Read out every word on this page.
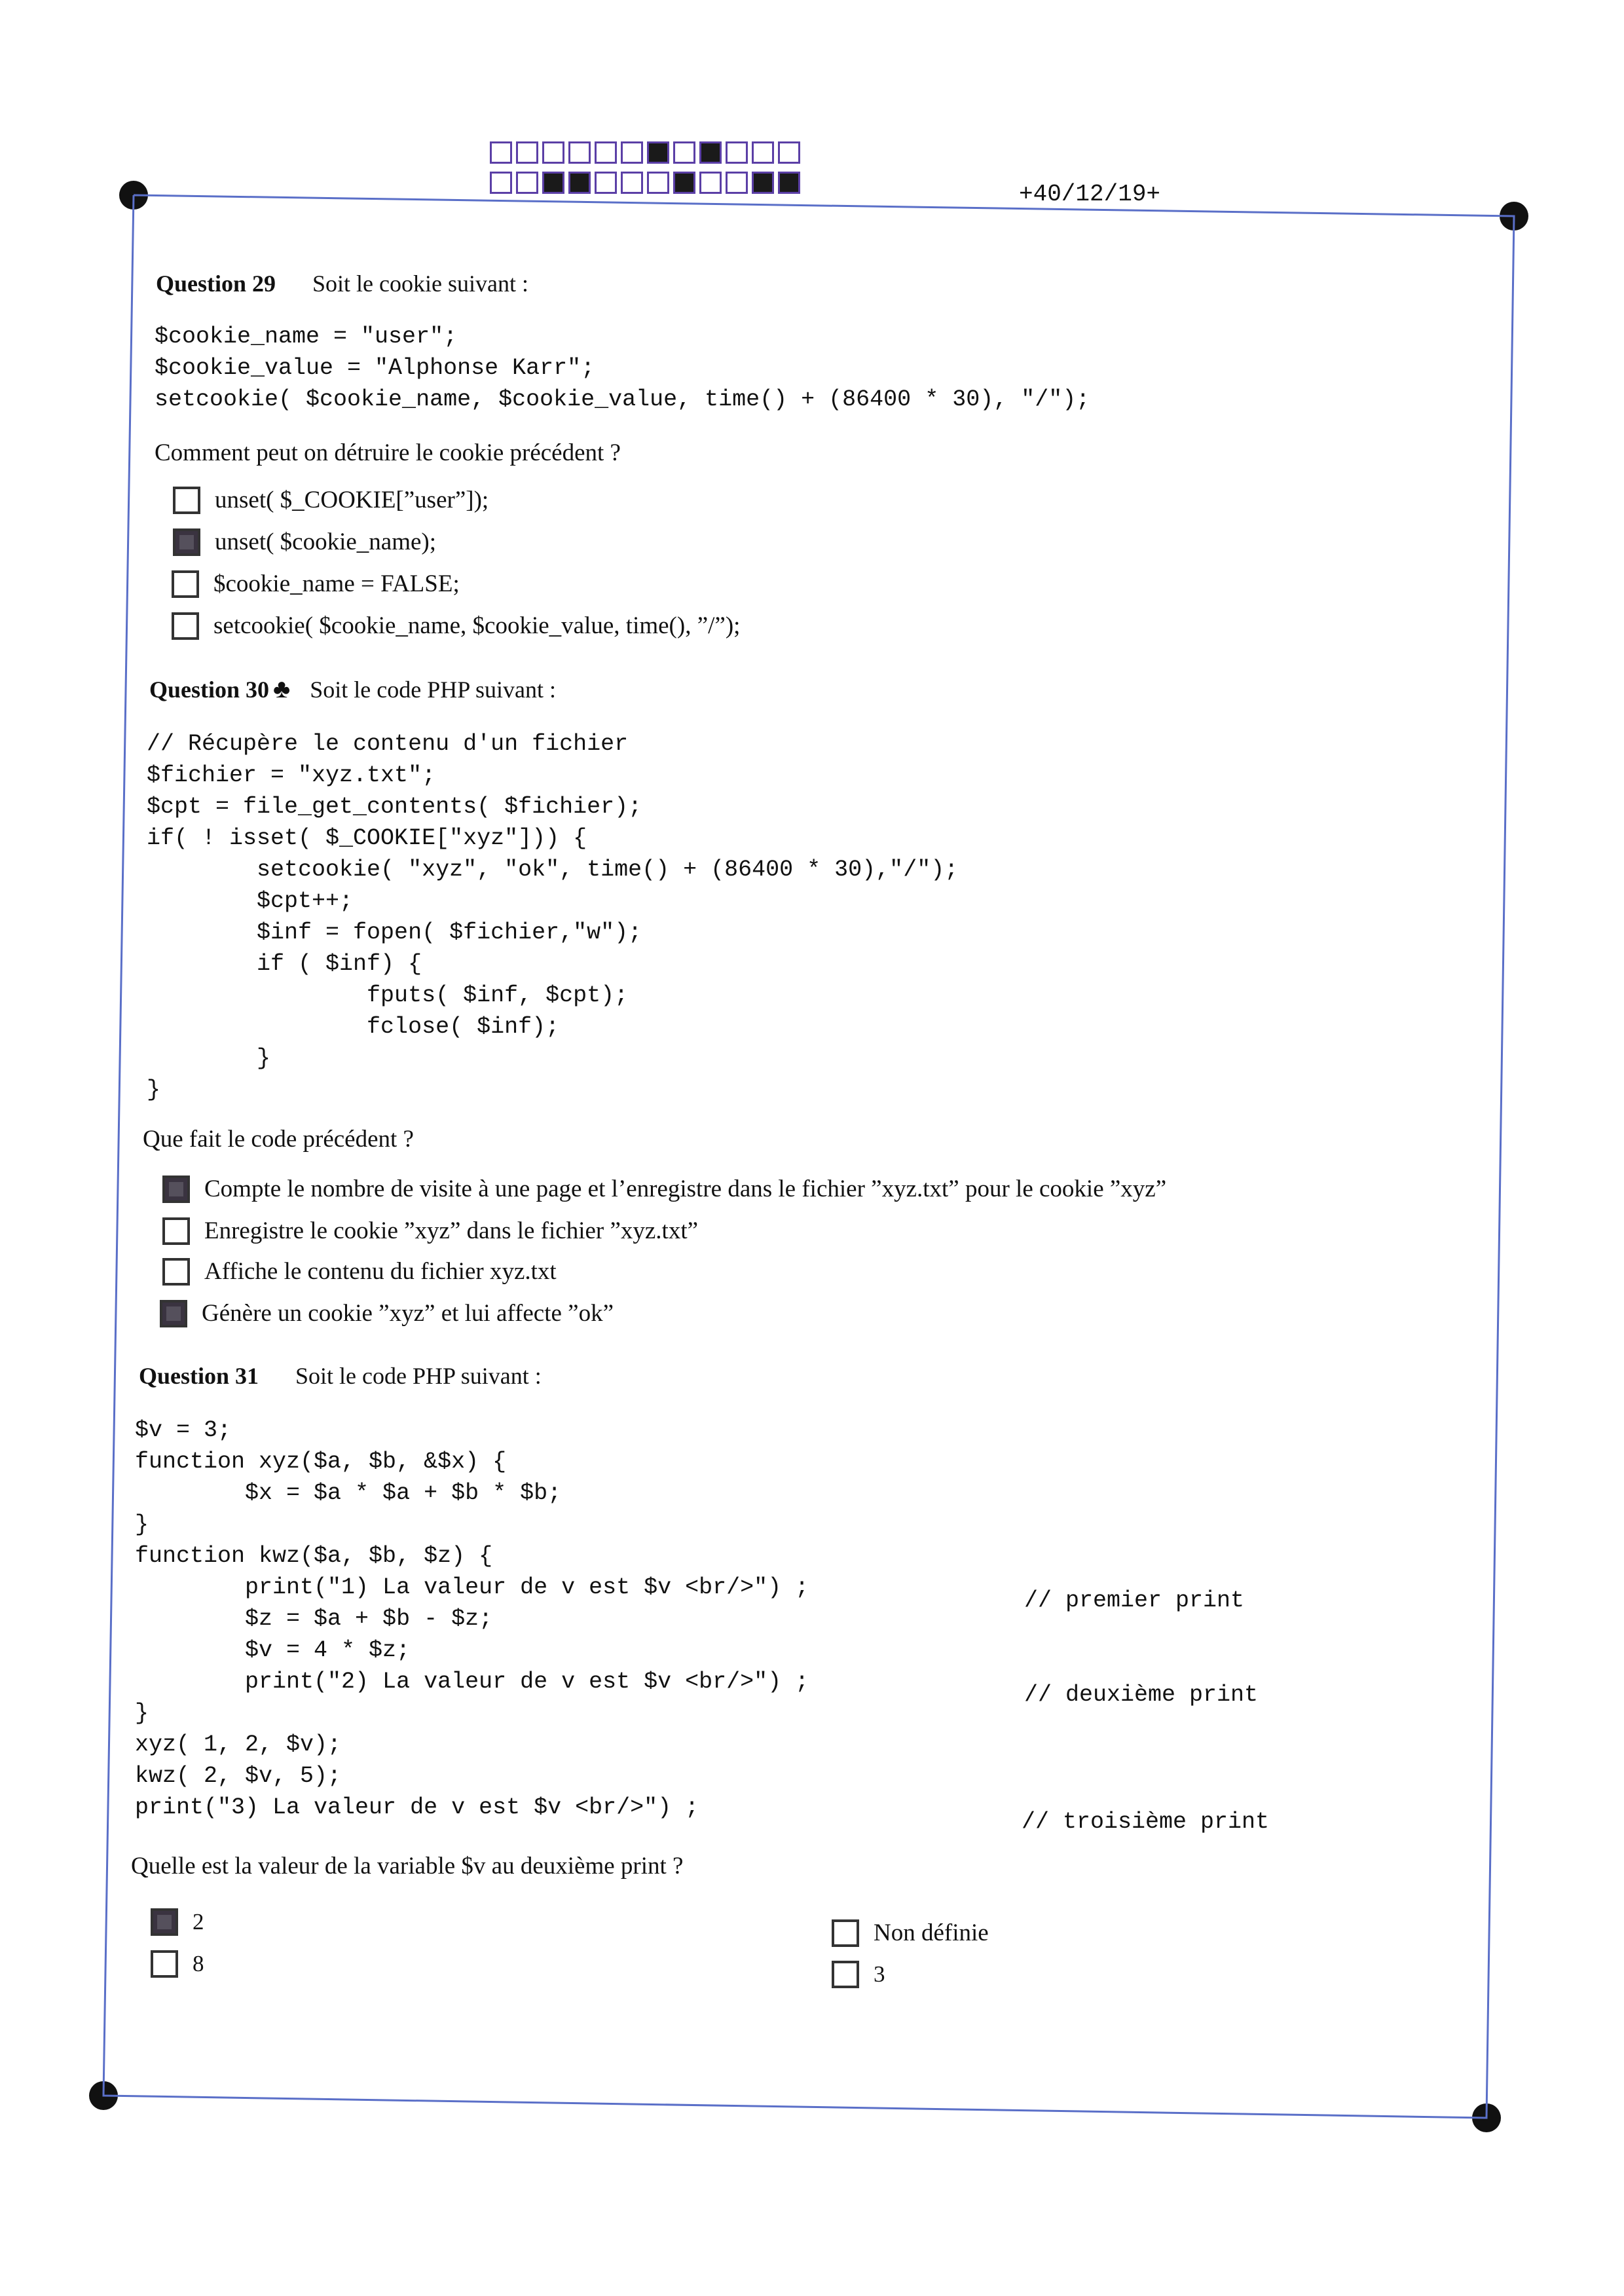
+40/12/19+
Question 29 Soit le cookie suivant :
$cookie_name = "user";
$cookie_value = "Alphonse Karr";
setcookie( $cookie_name, $cookie_value, time() + (86400 * 30), "/");
Comment peut on détruire le cookie précédent ?
unset( $_COOKIE[”user”]);
unset( $cookie_name);
$cookie_name = FALSE;
setcookie( $cookie_name, $cookie_value, time(), ”/”);
Question 30 ♣ Soit le code PHP suivant :
// Récupère le contenu d'un fichier
$fichier = "xyz.txt";
$cpt = file_get_contents( $fichier);
if( ! isset( $_COOKIE["xyz"])) {
setcookie( "xyz", "ok", time() + (86400 * 30),"/");
$cpt++;
$inf = fopen( $fichier,"w");
if ( $inf) {
fputs( $inf, $cpt);
fclose( $inf);
}
}
Que fait le code précédent ?
Compte le nombre de visite à une page et l’enregistre dans le fichier ”xyz.txt” pour le cookie ”xyz”
Enregistre le cookie ”xyz” dans le fichier ”xyz.txt”
Affiche le contenu du fichier xyz.txt
Génère un cookie ”xyz” et lui affecte ”ok”
Question 31 Soit le code PHP suivant :
$v = 3;
function xyz($a, $b, &$x) {
$x = $a * $a + $b * $b;
}
function kwz($a, $b, $z) {
print("1) La valeur de v est $v <br/>") ;
$z = $a + $b - $z;
$v = 4 * $z;
print("2) La valeur de v est $v <br/>") ;
}
xyz( 1, 2, $v);
kwz( 2, $v, 5);
print("3) La valeur de v est $v <br/>") ;
// premier print
// deuxième print
// troisième print
Quelle est la valeur de la variable $v au deuxième print ?
2
8
Non définie
3
